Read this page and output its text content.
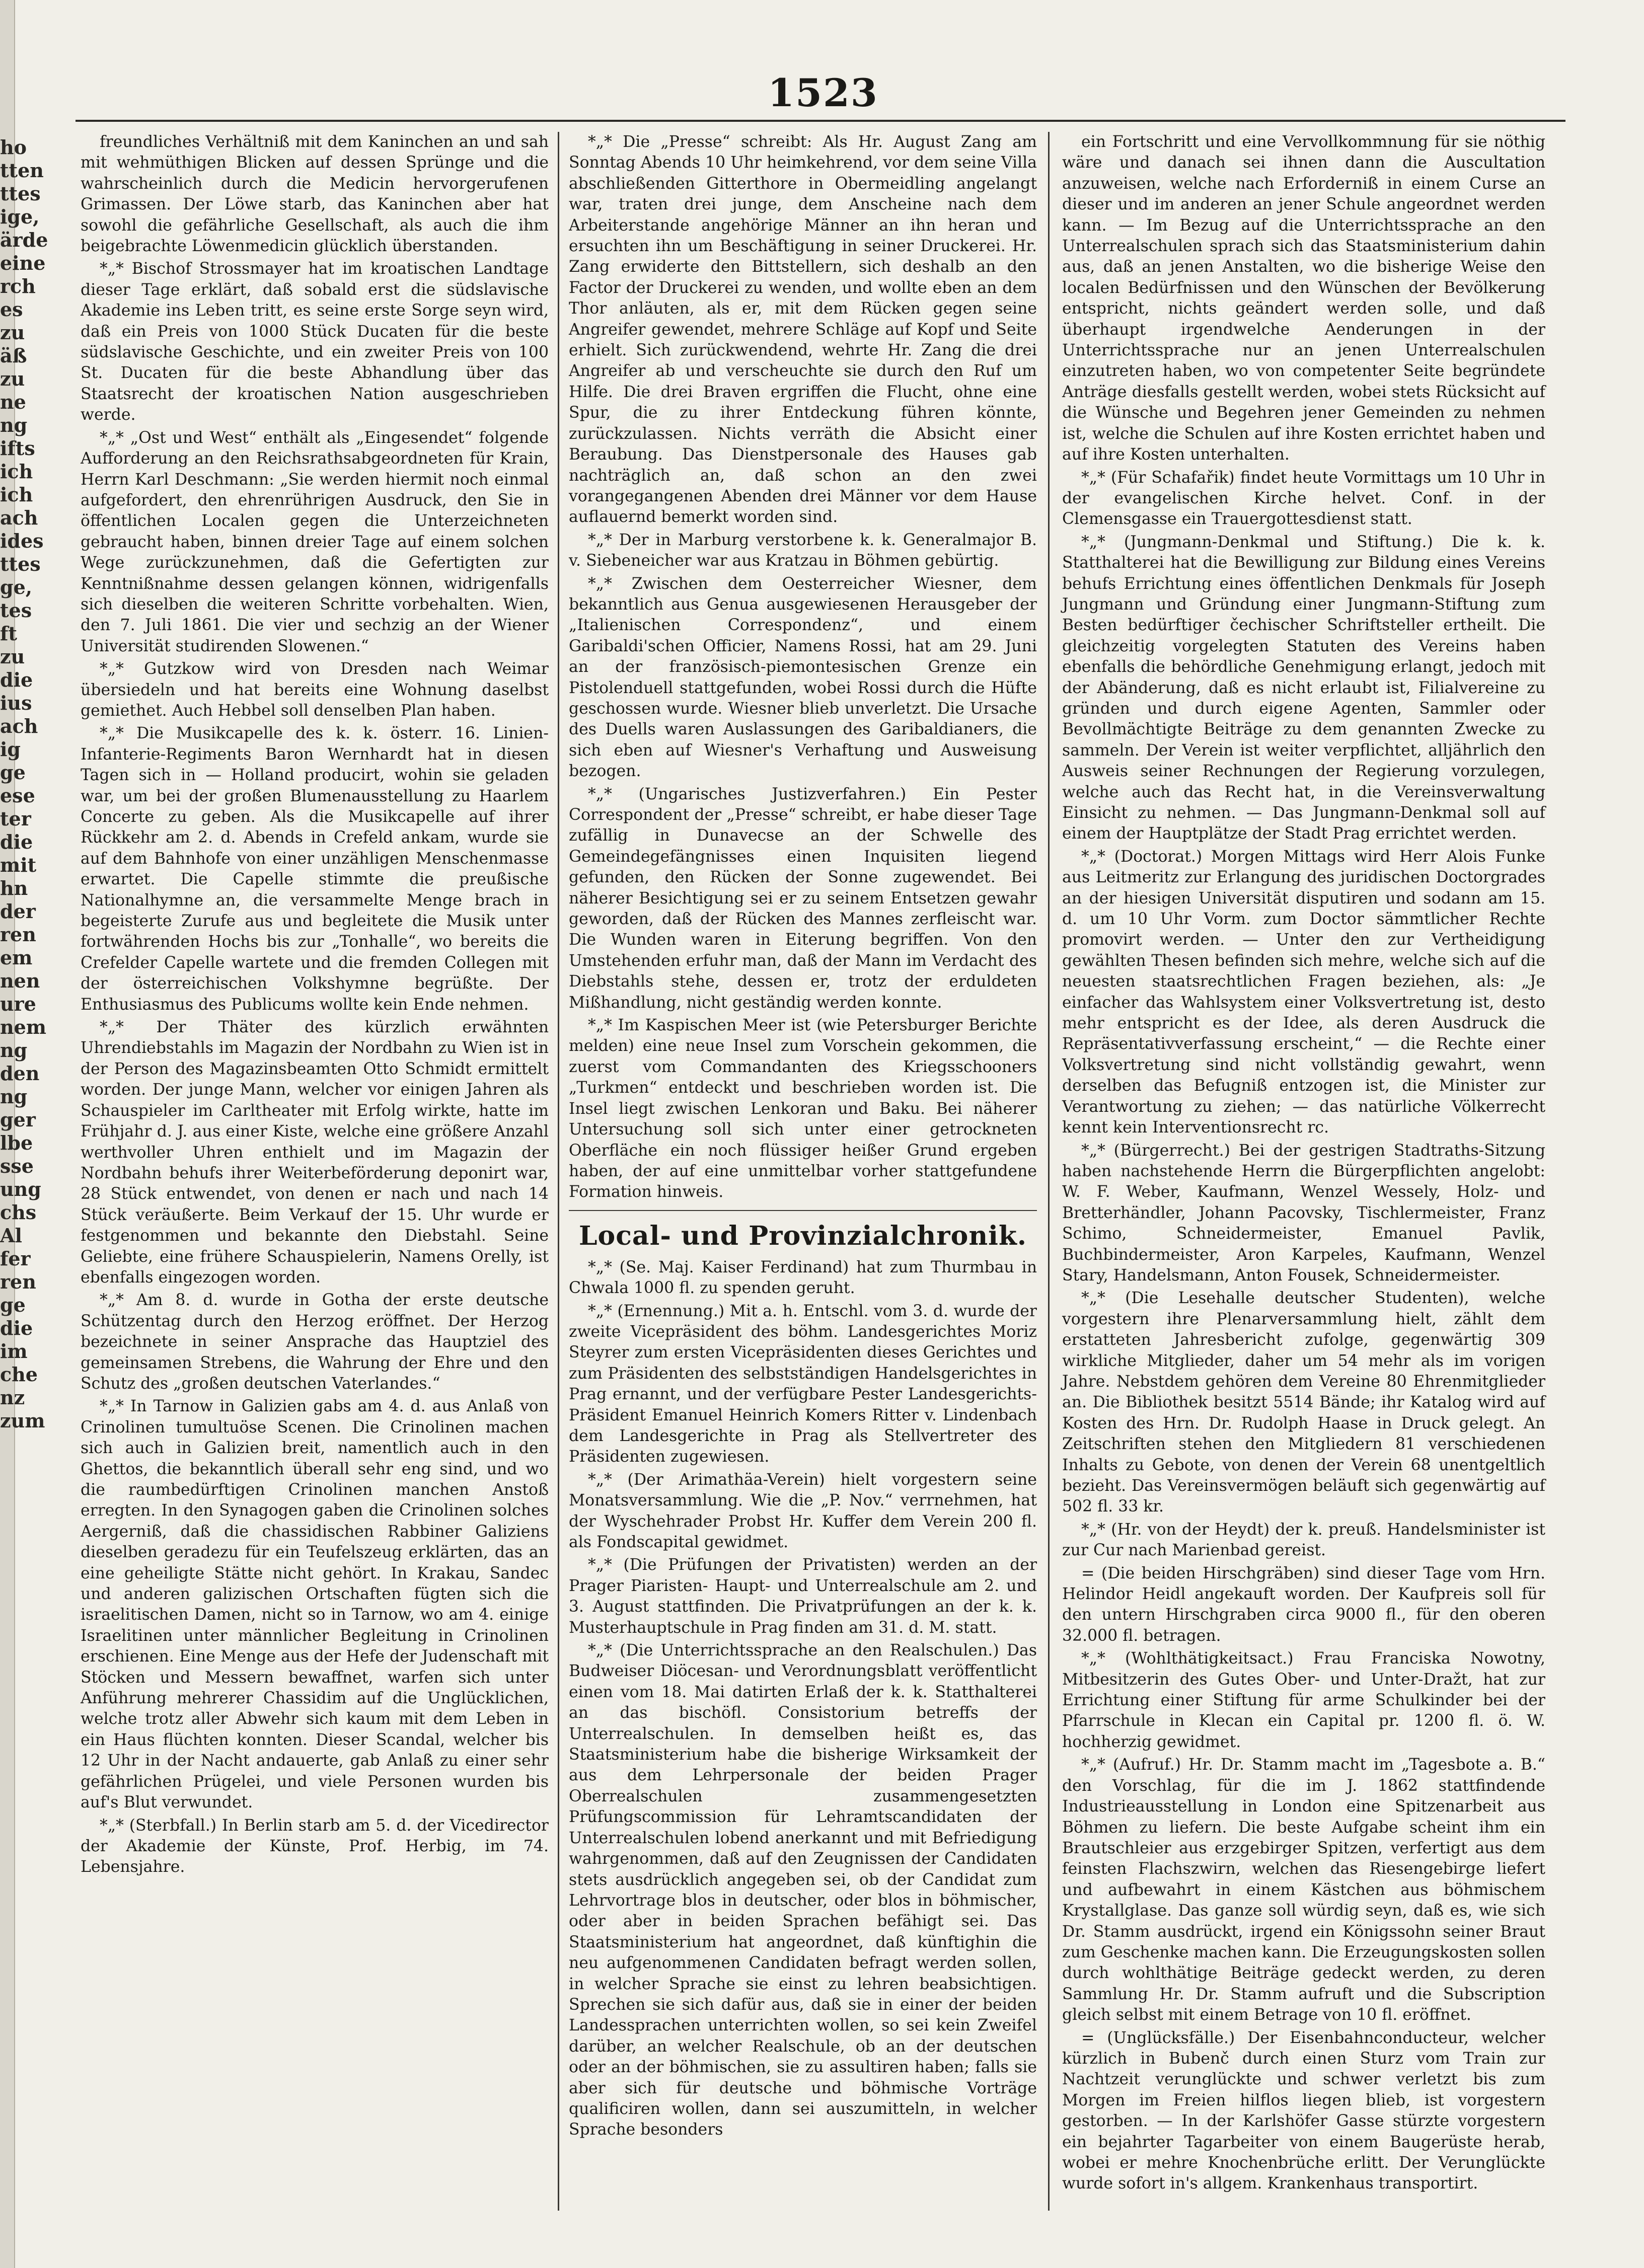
ho
tten
ttes
ige,
ärde
eine
rch
es
zu
äß
zu
ne
ng
ifts
ich
ich
ach
ides
ttes
ge,
tes
ft
zu
die
ius
ach
ig
ge
ese
ter
die
mit
hn
der
ren
em
nen
ure
nem
ng
den
ng
ger
lbe
sse
ung
chs
Al
fer
ren
ge
die
im
che
nz
zum
1523

freundliches Verhältniß mit dem Kaninchen an und sah mit wehmüthigen Blicken auf dessen Sprünge und die wahrscheinlich durch die Medicin hervorgerufenen Grimassen. Der Löwe starb, das Kaninchen aber hat sowohl die gefährliche Gesellschaft, als auch die ihm beigebrachte Löwenmedicin glücklich überstanden.

*„* Bischof Strossmayer hat im kroatischen Landtage dieser Tage erklärt, daß sobald erst die südslavische Akademie ins Leben tritt, es seine erste Sorge seyn wird, daß ein Preis von 1000 Stück Ducaten für die beste südslavische Geschichte, und ein zweiter Preis von 100 St. Ducaten für die beste Abhandlung über das Staatsrecht der kroatischen Nation ausgeschrieben werde.

*„* „Ost und West“ enthält als „Eingesendet“ folgende Aufforderung an den Reichsrathsabgeordneten für Krain, Herrn Karl Deschmann: „Sie werden hiermit noch einmal aufgefordert, den ehrenrührigen Ausdruck, den Sie in öffentlichen Localen gegen die Unterzeichneten gebraucht haben, binnen dreier Tage auf einem solchen Wege zurückzunehmen, daß die Gefertigten zur Kenntnißnahme dessen gelangen können, widrigenfalls sich dieselben die weiteren Schritte vorbehalten. Wien, den 7. Juli 1861. Die vier und sechzig an der Wiener Universität studirenden Slowenen.“

*„* Gutzkow wird von Dresden nach Weimar übersiedeln und hat bereits eine Wohnung daselbst gemiethet. Auch Hebbel soll denselben Plan haben.

*„* Die Musikcapelle des k. k. österr. 16. Linien-Infanterie-Regiments Baron Wernhardt hat in diesen Tagen sich in — Holland producirt, wohin sie geladen war, um bei der großen Blumenausstellung zu Haarlem Concerte zu geben. Als die Musikcapelle auf ihrer Rückkehr am 2. d. Abends in Crefeld ankam, wurde sie auf dem Bahnhofe von einer unzähligen Menschenmasse erwartet. Die Capelle stimmte die preußische Nationalhymne an, die versammelte Menge brach in begeisterte Zurufe aus und begleitete die Musik unter fortwährenden Hochs bis zur „Tonhalle“, wo bereits die Crefelder Capelle wartete und die fremden Collegen mit der österreichischen Volkshymne begrüßte. Der Enthusiasmus des Publicums wollte kein Ende nehmen.

*„* Der Thäter des kürzlich erwähnten Uhrendiebstahls im Magazin der Nordbahn zu Wien ist in der Person des Magazinsbeamten Otto Schmidt ermittelt worden. Der junge Mann, welcher vor einigen Jahren als Schauspieler im Carltheater mit Erfolg wirkte, hatte im Frühjahr d. J. aus einer Kiste, welche eine größere Anzahl werthvoller Uhren enthielt und im Magazin der Nordbahn behufs ihrer Weiterbeförderung deponirt war, 28 Stück entwendet, von denen er nach und nach 14 Stück veräußerte. Beim Verkauf der 15. Uhr wurde er festgenommen und bekannte den Diebstahl. Seine Geliebte, eine frühere Schauspielerin, Namens Orelly, ist ebenfalls eingezogen worden.

*„* Am 8. d. wurde in Gotha der erste deutsche Schützentag durch den Herzog eröffnet. Der Herzog bezeichnete in seiner Ansprache das Hauptziel des gemeinsamen Strebens, die Wahrung der Ehre und den Schutz des „großen deutschen Vaterlandes.“

*„* In Tarnow in Galizien gabs am 4. d. aus Anlaß von Crinolinen tumultuöse Scenen. Die Crinolinen machen sich auch in Galizien breit, namentlich auch in den Ghettos, die bekanntlich überall sehr eng sind, und wo die raumbedürftigen Crinolinen manchen Anstoß erregten. In den Synagogen gaben die Crinolinen solches Aergerniß, daß die chassidischen Rabbiner Galiziens dieselben geradezu für ein Teufelszeug erklärten, das an eine geheiligte Stätte nicht gehört. In Krakau, Sandec und anderen galizischen Ortschaften fügten sich die israelitischen Damen, nicht so in Tarnow, wo am 4. einige Israelitinen unter männlicher Begleitung in Crinolinen erschienen. Eine Menge aus der Hefe der Judenschaft mit Stöcken und Messern bewaffnet, warfen sich unter Anführung mehrerer Chassidim auf die Unglücklichen, welche trotz aller Abwehr sich kaum mit dem Leben in ein Haus flüchten konnten. Dieser Scandal, welcher bis 12 Uhr in der Nacht andauerte, gab Anlaß zu einer sehr gefährlichen Prügelei, und viele Personen wurden bis auf's Blut verwundet.

*„* (Sterbfall.) In Berlin starb am 5. d. der Vicedirector der Akademie der Künste, Prof. Herbig, im 74. Lebensjahre.

*„* Die „Presse“ schreibt: Als Hr. August Zang am Sonntag Abends 10 Uhr heimkehrend, vor dem seine Villa abschließenden Gitterthore in Obermeidling angelangt war, traten drei junge, dem Anscheine nach dem Arbeiterstande angehörige Männer an ihn heran und ersuchten ihn um Beschäftigung in seiner Druckerei. Hr. Zang erwiderte den Bittstellern, sich deshalb an den Factor der Druckerei zu wenden, und wollte eben an dem Thor anläuten, als er, mit dem Rücken gegen seine Angreifer gewendet, mehrere Schläge auf Kopf und Seite erhielt. Sich zurückwendend, wehrte Hr. Zang die drei Angreifer ab und verscheuchte sie durch den Ruf um Hilfe. Die drei Braven ergriffen die Flucht, ohne eine Spur, die zu ihrer Entdeckung führen könnte, zurückzulassen. Nichts verräth die Absicht einer Beraubung. Das Dienstpersonale des Hauses gab nachträglich an, daß schon an den zwei vorangegangenen Abenden drei Männer vor dem Hause auflauernd bemerkt worden sind.

*„* Der in Marburg verstorbene k. k. Generalmajor B. v. Siebeneicher war aus Kratzau in Böhmen gebürtig.

*„* Zwischen dem Oesterreicher Wiesner, dem bekanntlich aus Genua ausgewiesenen Herausgeber der „Italienischen Correspondenz“, und einem Garibaldi'schen Officier, Namens Rossi, hat am 29. Juni an der französisch-piemontesischen Grenze ein Pistolenduell stattgefunden, wobei Rossi durch die Hüfte geschossen wurde. Wiesner blieb unverletzt. Die Ursache des Duells waren Auslassungen des Garibaldianers, die sich eben auf Wiesner's Verhaftung und Ausweisung bezogen.

*„* (Ungarisches Justizverfahren.) Ein Pester Correspondent der „Presse“ schreibt, er habe dieser Tage zufällig in Dunavecse an der Schwelle des Gemeindegefängnisses einen Inquisiten liegend gefunden, den Rücken der Sonne zugewendet. Bei näherer Besichtigung sei er zu seinem Entsetzen gewahr geworden, daß der Rücken des Mannes zerfleischt war. Die Wunden waren in Eiterung begriffen. Von den Umstehenden erfuhr man, daß der Mann im Verdacht des Diebstahls stehe, dessen er, trotz der erduldeten Mißhandlung, nicht geständig werden konnte.

*„* Im Kaspischen Meer ist (wie Petersburger Berichte melden) eine neue Insel zum Vorschein gekommen, die zuerst vom Commandanten des Kriegsschooners „Turkmen“ entdeckt und beschrieben worden ist. Die Insel liegt zwischen Lenkoran und Baku. Bei näherer Untersuchung soll sich unter einer getrockneten Oberfläche ein noch flüssiger heißer Grund ergeben haben, der auf eine unmittelbar vorher stattgefundene Formation hinweis.

Local- und Provinzialchronik.

*„* (Se. Maj. Kaiser Ferdinand) hat zum Thurmbau in Chwala 1000 fl. zu spenden geruht.

*„* (Ernennung.) Mit a. h. Entschl. vom 3. d. wurde der zweite Vicepräsident des böhm. Landesgerichtes Moriz Steyrer zum ersten Vicepräsidenten dieses Gerichtes und zum Präsidenten des selbstständigen Handelsgerichtes in Prag ernannt, und der verfügbare Pester Landesgerichts-Präsident Emanuel Heinrich Komers Ritter v. Lindenbach dem Landesgerichte in Prag als Stellvertreter des Präsidenten zugewiesen.

*„* (Der Arimathäa-Verein) hielt vorgestern seine Monatsversammlung. Wie die „P. Nov.“ verrnehmen, hat der Wyschehrader Probst Hr. Kuffer dem Verein 200 fl. als Fondscapital gewidmet.

*„* (Die Prüfungen der Privatisten) werden an der Prager Piaristen- Haupt- und Unterrealschule am 2. und 3. August stattfinden. Die Privatprüfungen an der k. k. Musterhauptschule in Prag finden am 31. d. M. statt.

*„* (Die Unterrichtssprache an den Realschulen.) Das Budweiser Diöcesan- und Verordnungsblatt veröffentlicht einen vom 18. Mai datirten Erlaß der k. k. Statthalterei an das bischöfl. Consistorium betreffs der Unterrealschulen. In demselben heißt es, das Staatsministerium habe die bisherige Wirksamkeit der aus dem Lehrpersonale der beiden Prager Oberrealschulen zusammengesetzten Prüfungscommission für Lehramtscandidaten der Unterrealschulen lobend anerkannt und mit Befriedigung wahrgenommen, daß auf den Zeugnissen der Candidaten stets ausdrücklich angegeben sei, ob der Candidat zum Lehrvortrage blos in deutscher, oder blos in böhmischer, oder aber in beiden Sprachen befähigt sei. Das Staatsministerium hat angeordnet, daß künftighin die neu aufgenommenen Candidaten befragt werden sollen, in welcher Sprache sie einst zu lehren beabsichtigen. Sprechen sie sich dafür aus, daß sie in einer der beiden Landessprachen unterrichten wollen, so sei kein Zweifel darüber, an welcher Realschule, ob an der deutschen oder an der böhmischen, sie zu assultiren haben; falls sie aber sich für deutsche und böhmische Vorträge qualificiren wollen, dann sei auszumitteln, in welcher Sprache besonders

ein Fortschritt und eine Vervollkommnung für sie nöthig wäre und danach sei ihnen dann die Auscultation anzuweisen, welche nach Erforderniß in einem Curse an dieser und im anderen an jener Schule angeordnet werden kann. — Im Bezug auf die Unterrichtssprache an den Unterrealschulen sprach sich das Staatsministerium dahin aus, daß an jenen Anstalten, wo die bisherige Weise den localen Bedürfnissen und den Wünschen der Bevölkerung entspricht, nichts geändert werden solle, und daß überhaupt irgendwelche Aenderungen in der Unterrichtssprache nur an jenen Unterrealschulen einzutreten haben, wo von competenter Seite begründete Anträge diesfalls gestellt werden, wobei stets Rücksicht auf die Wünsche und Begehren jener Gemeinden zu nehmen ist, welche die Schulen auf ihre Kosten errichtet haben und auf ihre Kosten unterhalten.

*„* (Für Schafařik) findet heute Vormittags um 10 Uhr in der evangelischen Kirche helvet. Conf. in der Clemensgasse ein Trauergottesdienst statt.

*„* (Jungmann-Denkmal und Stiftung.) Die k. k. Statthalterei hat die Bewilligung zur Bildung eines Vereins behufs Errichtung eines öffentlichen Denkmals für Joseph Jungmann und Gründung einer Jungmann-Stiftung zum Besten bedürftiger čechischer Schriftsteller ertheilt. Die gleichzeitig vorgelegten Statuten des Vereins haben ebenfalls die behördliche Genehmigung erlangt, jedoch mit der Abänderung, daß es nicht erlaubt ist, Filialvereine zu gründen und durch eigene Agenten, Sammler oder Bevollmächtigte Beiträge zu dem genannten Zwecke zu sammeln. Der Verein ist weiter verpflichtet, alljährlich den Ausweis seiner Rechnungen der Regierung vorzulegen, welche auch das Recht hat, in die Vereinsverwaltung Einsicht zu nehmen. — Das Jungmann-Denkmal soll auf einem der Hauptplätze der Stadt Prag errichtet werden.

*„* (Doctorat.) Morgen Mittags wird Herr Alois Funke aus Leitmeritz zur Erlangung des juridischen Doctorgrades an der hiesigen Universität disputiren und sodann am 15. d. um 10 Uhr Vorm. zum Doctor sämmtlicher Rechte promovirt werden. — Unter den zur Vertheidigung gewählten Thesen befinden sich mehre, welche sich auf die neuesten staatsrechtlichen Fragen beziehen, als: „Je einfacher das Wahlsystem einer Volksvertretung ist, desto mehr entspricht es der Idee, als deren Ausdruck die Repräsentativverfassung erscheint,“ — die Rechte einer Volksvertretung sind nicht vollständig gewahrt, wenn derselben das Befugniß entzogen ist, die Minister zur Verantwortung zu ziehen; — das natürliche Völkerrecht kennt kein Interventionsrecht rc.

*„* (Bürgerrecht.) Bei der gestrigen Stadtraths-Sitzung haben nachstehende Herrn die Bürgerpflichten angelobt: W. F. Weber, Kaufmann, Wenzel Wessely, Holz- und Bretterhändler, Johann Pacovsky, Tischlermeister, Franz Schimo, Schneidermeister, Emanuel Pavlik, Buchbindermeister, Aron Karpeles, Kaufmann, Wenzel Stary, Handelsmann, Anton Fousek, Schneidermeister.

*„* (Die Lesehalle deutscher Studenten), welche vorgestern ihre Plenarversammlung hielt, zählt dem erstatteten Jahresbericht zufolge, gegenwärtig 309 wirkliche Mitglieder, daher um 54 mehr als im vorigen Jahre. Nebstdem gehören dem Vereine 80 Ehrenmitglieder an. Die Bibliothek besitzt 5514 Bände; ihr Katalog wird auf Kosten des Hrn. Dr. Rudolph Haase in Druck gelegt. An Zeitschriften stehen den Mitgliedern 81 verschiedenen Inhalts zu Gebote, von denen der Verein 68 unentgeltlich bezieht. Das Vereinsvermögen beläuft sich gegenwärtig auf 502 fl. 33 kr.

*„* (Hr. von der Heydt) der k. preuß. Handelsminister ist zur Cur nach Marienbad gereist.

= (Die beiden Hirschgräben) sind dieser Tage vom Hrn. Helindor Heidl angekauft worden. Der Kaufpreis soll für den untern Hirschgraben circa 9000 fl., für den oberen 32.000 fl. betragen.

*„* (Wohlthätigkeitsact.) Frau Franciska Nowotny, Mitbesitzerin des Gutes Ober- und Unter-Dražt, hat zur Errichtung einer Stiftung für arme Schulkinder bei der Pfarrschule in Klecan ein Capital pr. 1200 fl. ö. W. hochherzig gewidmet.

*„* (Aufruf.) Hr. Dr. Stamm macht im „Tagesbote a. B.“ den Vorschlag, für die im J. 1862 stattfindende Industrieausstellung in London eine Spitzenarbeit aus Böhmen zu liefern. Die beste Aufgabe scheint ihm ein Brautschleier aus erzgebirger Spitzen, verfertigt aus dem feinsten Flachszwirn, welchen das Riesengebirge liefert und aufbewahrt in einem Kästchen aus böhmischem Krystallglase. Das ganze soll würdig seyn, daß es, wie sich Dr. Stamm ausdrückt, irgend ein Königssohn seiner Braut zum Geschenke machen kann. Die Erzeugungskosten sollen durch wohlthätige Beiträge gedeckt werden, zu deren Sammlung Hr. Dr. Stamm aufruft und die Subscription gleich selbst mit einem Betrage von 10 fl. eröffnet.

= (Unglücksfälle.) Der Eisenbahnconducteur, welcher kürzlich in Bubenč durch einen Sturz vom Train zur Nachtzeit verunglückte und schwer verletzt bis zum Morgen im Freien hilflos liegen blieb, ist vorgestern gestorben. — In der Karlshöfer Gasse stürzte vorgestern ein bejahrter Tagarbeiter von einem Baugerüste herab, wobei er mehre Knochenbrüche erlitt. Der Verunglückte wurde sofort in's allgem. Krankenhaus transportirt.
